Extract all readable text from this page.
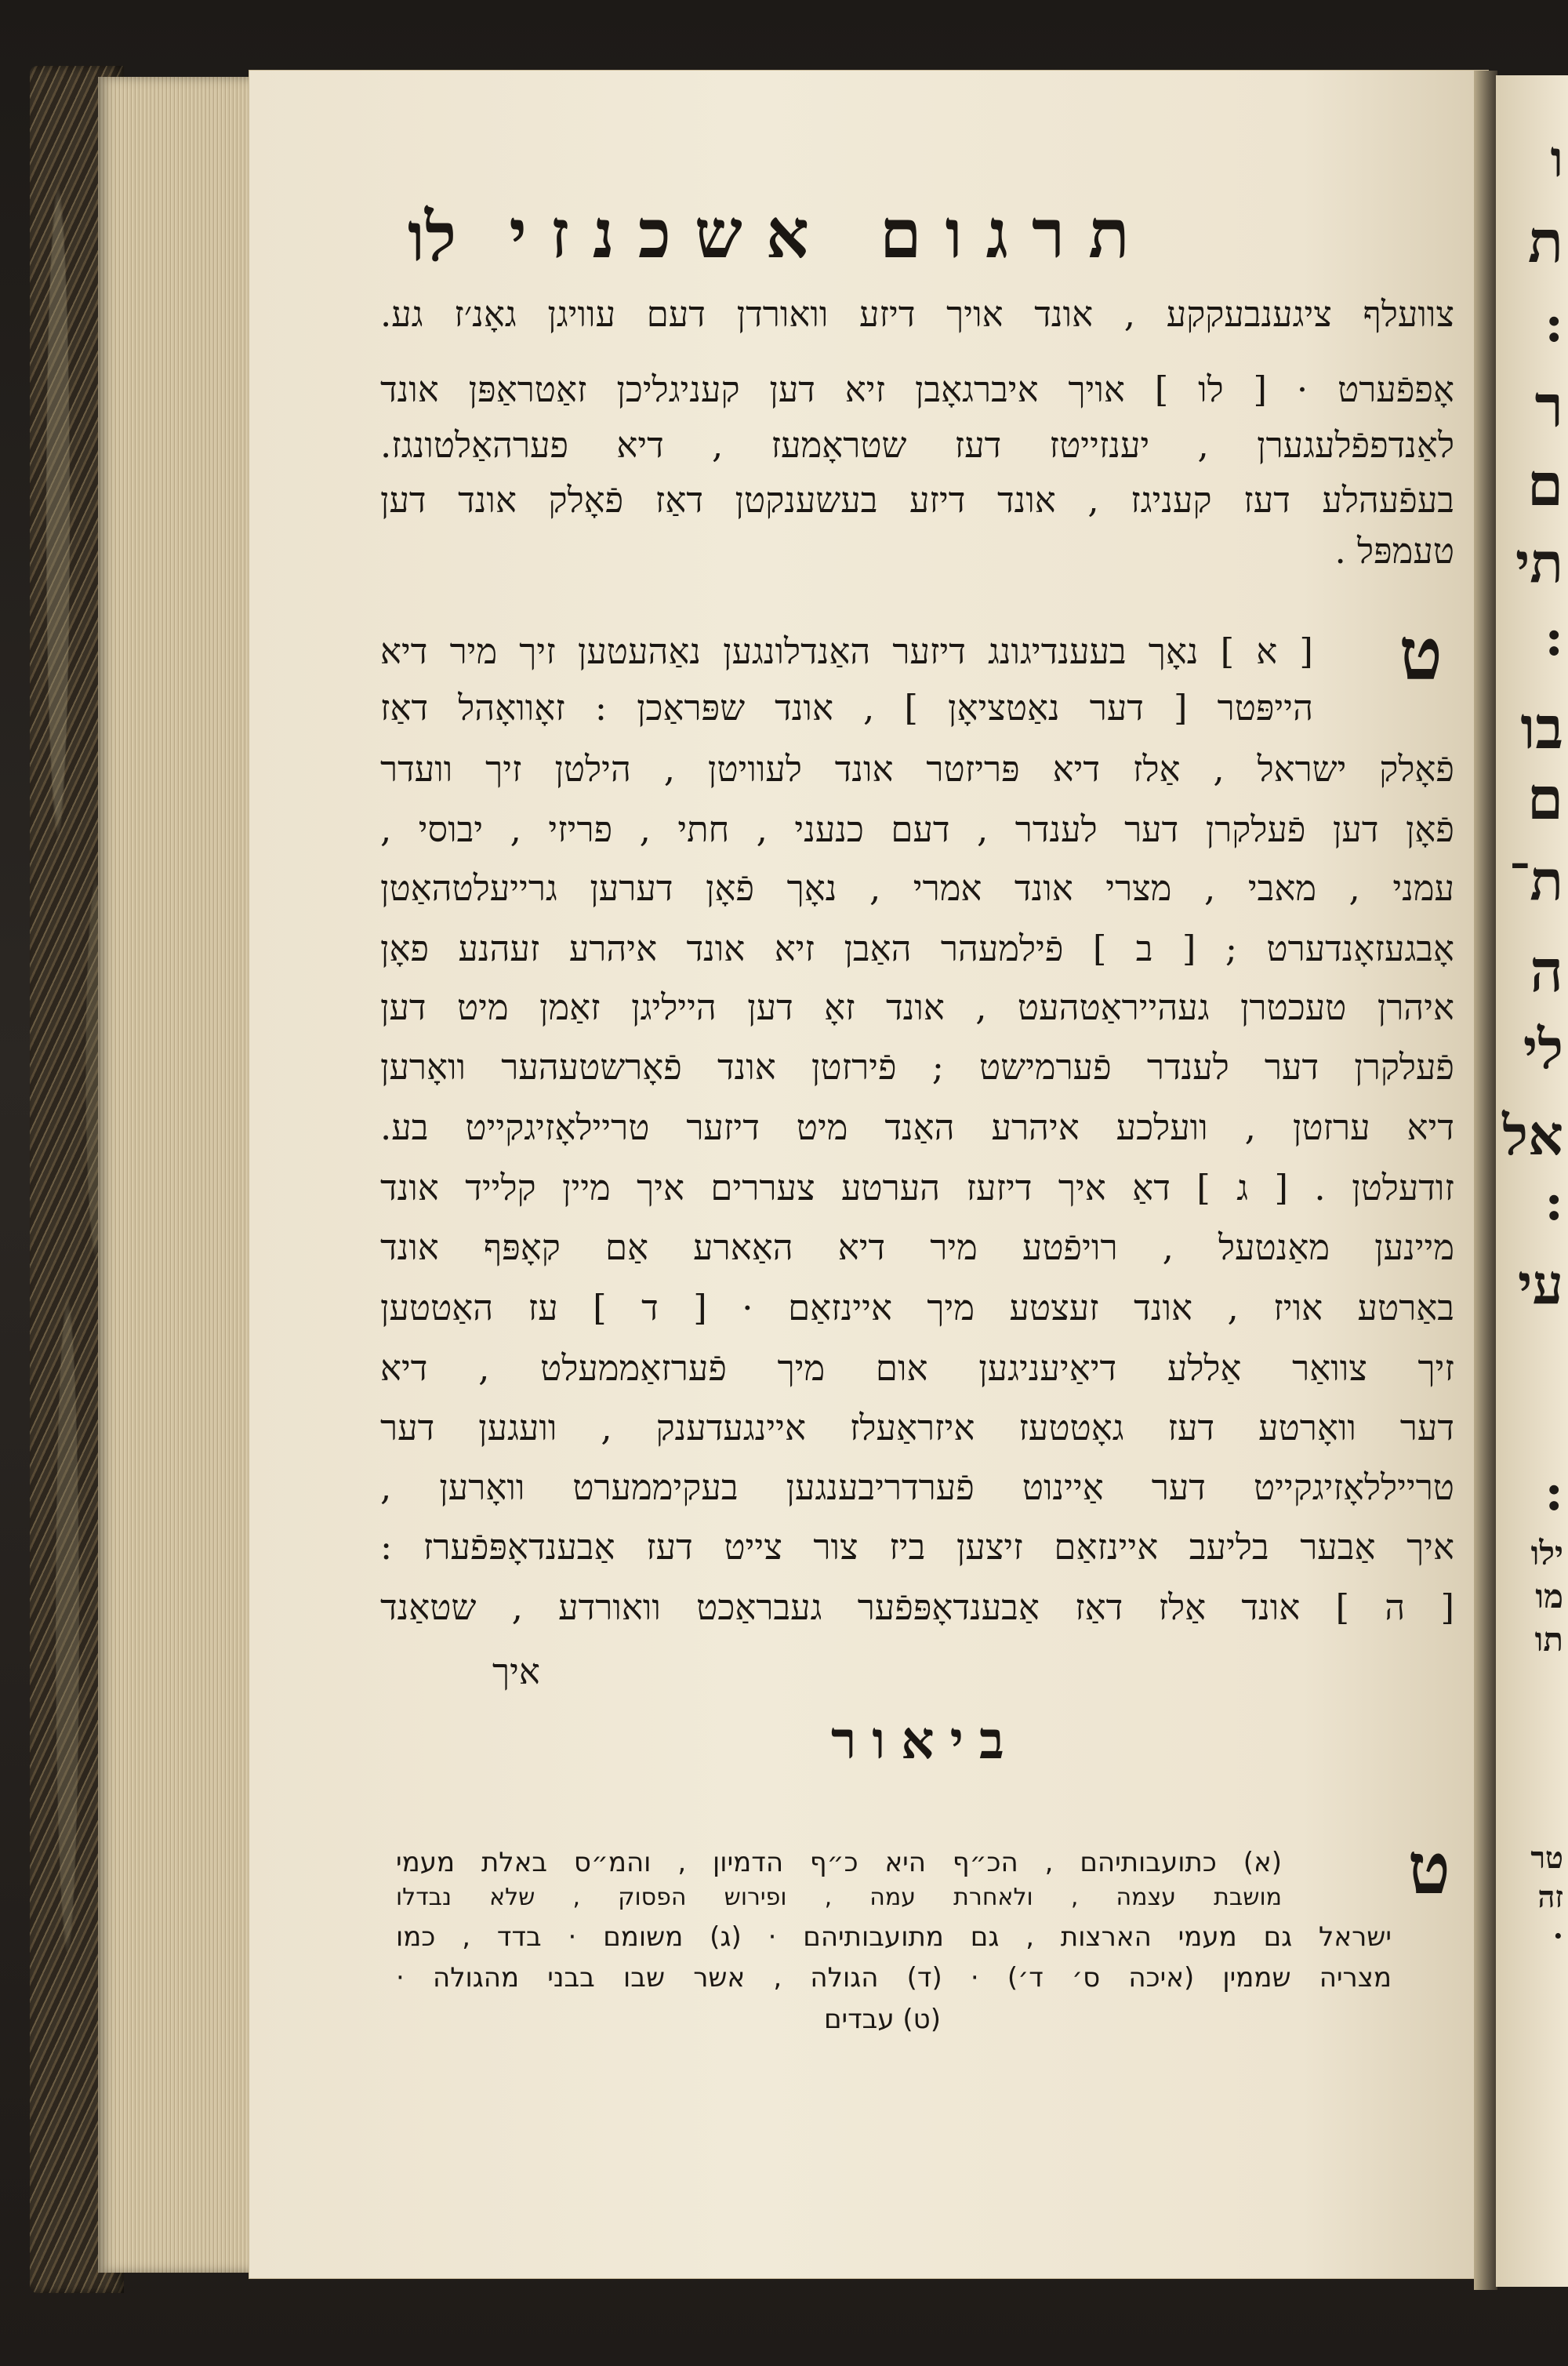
ו
ת
:
ר
ם
תי
:
בו
ם
ת־
ה
לי
אל
:
עי
:
ילו
מו
תו
טר
זה
·
תרגום אשכנזי
לו
צוועלף ציגענבעקקע , אונד אויך דיזע וואורדן דעם עוויגן גאָנ׳ז גע.
אָפפֿערט · [ לו ] אויך איברגאָבן זיא דען קעניגליכן זאַטראַפּן אונד
לאַנדפפֿלעגערן , יענזייטז דעז שטראָמעז , דיא פערהאַלטונגז.
בעפֿעהלע דעז קעניגז , אונד דיזע בעשענקטן דאַז פֿאָלק אונד דען
טעמפּל .
ט
[ א ] נאָך בעענדיגונג דיזער האַנדלונגען נאַהעטען זיך מיר דיא
הייפּטר [ דער נאַטציאָן ] , אונד שפּראַכן : זאָוואָהל דאַז
פֿאָלק ישראל , אַלז דיא פּריזטר אונד לעוויטן , הילטן זיך וועדר
פֿאָן דען פֿעלקרן דער לענדר , דעם כנעני , חתי , פריזי , יבוסי ,
עמני , מאבי , מצרי אונד אמרי , נאָך פֿאָן דערען גרייעלטהאַטן
אָבגעזאָנדערט ; [ ב ] פֿילמעהר האַבן זיא אונד איהרע זעהנע פאָן
איהרן טעכטרן געהייראַטהעט , אונד זאָ דען הייליגן זאַמן מיט דען
פֿעלקרן דער לענדר פֿערמישט ; פֿירזטן אונד פֿאָרשטעהער וואָרען
דיא ערזטן , וועלכע איהרע האַנד מיט דיזער טריילאָזיגקייט בע.
זודעלטן . [ ג ] דאַ איך דיזעז הערטע צעררים איך מיין קלייד אונד
מיינען מאַנטעל , רויפֿטע מיר דיא האַארע אַם קאָפּף אונד
באַרטע אויז , אונד זעצטע מיך איינזאַם · [ ד ] עז האַטטען
זיך צוואַר אַללע דיאַיעניגען אום מיך פֿערזאַממעלט , דיא
דער וואָרטע דעז גאָטטעז איזראַעלז איינגעדענק , וועגען דער
טרייללאָזיגקייט דער אַיינוט פֿערדריבענגען בעקיממערט וואָרען ,
איך אַבער בליעב איינזאַם זיצען ביז צור צייט דעז אַבענדאָפּפֿערז :
[ ה ] אונד אַלז דאַז אַבענדאָפּפֿער געבראַכט וואורדע , שטאַנד
איך
ביאור
ט
(א) כתועבותיהם , הכ״ף היא כ״ף הדמיון , והמ״ס באלת מעמי
מושבת עצמה , ולאחרת עמה , ופירוש הפסוק , שלא נבדלו
ישראל גם מעמי הארצות , גם מתועבותיהם · (ג) משומם · בדד , כמו
מצריה שממין (איכה ס׳ ד׳) · (ד) הגולה , אשר שבו בבני מהגולה ·
(ט) עבדים
